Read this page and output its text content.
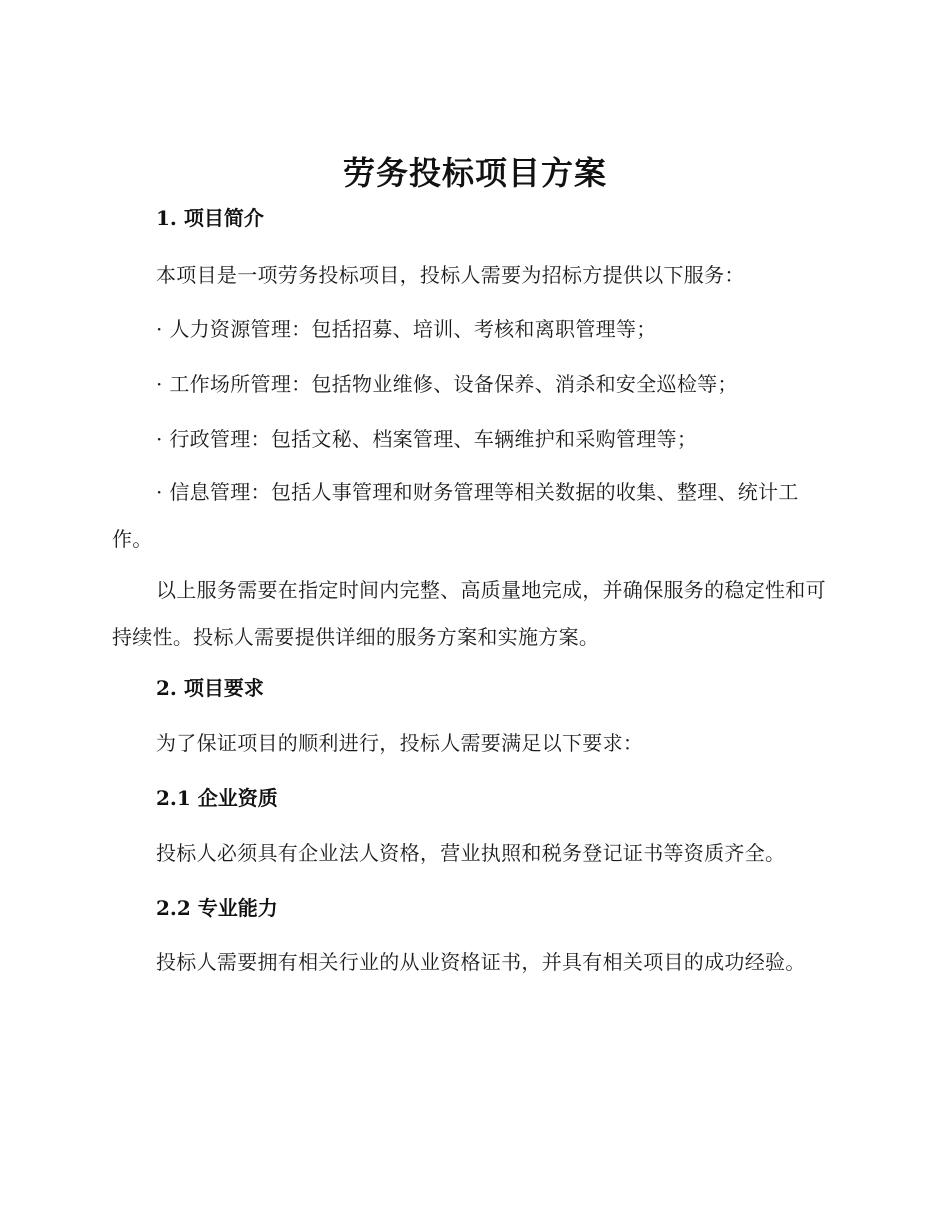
劳务投标项目方案
1. 项目简介
本项目是一项劳务投标项目，投标人需要为招标方提供以下服务：
· 人力资源管理：包括招募、培训、考核和离职管理等；
· 工作场所管理：包括物业维修、设备保养、消杀和安全巡检等；
· 行政管理：包括文秘、档案管理、车辆维护和采购管理等；
· 信息管理：包括人事管理和财务管理等相关数据的收集、整理、统计工作。
以上服务需要在指定时间内完整、高质量地完成，并确保服务的稳定性和可持续性。投标人需要提供详细的服务方案和实施方案。
2. 项目要求
为了保证项目的顺利进行，投标人需要满足以下要求：
2.1 企业资质
投标人必须具有企业法人资格，营业执照和税务登记证书等资质齐全。
2.2 专业能力
投标人需要拥有相关行业的从业资格证书，并具有相关项目的成功经验。
